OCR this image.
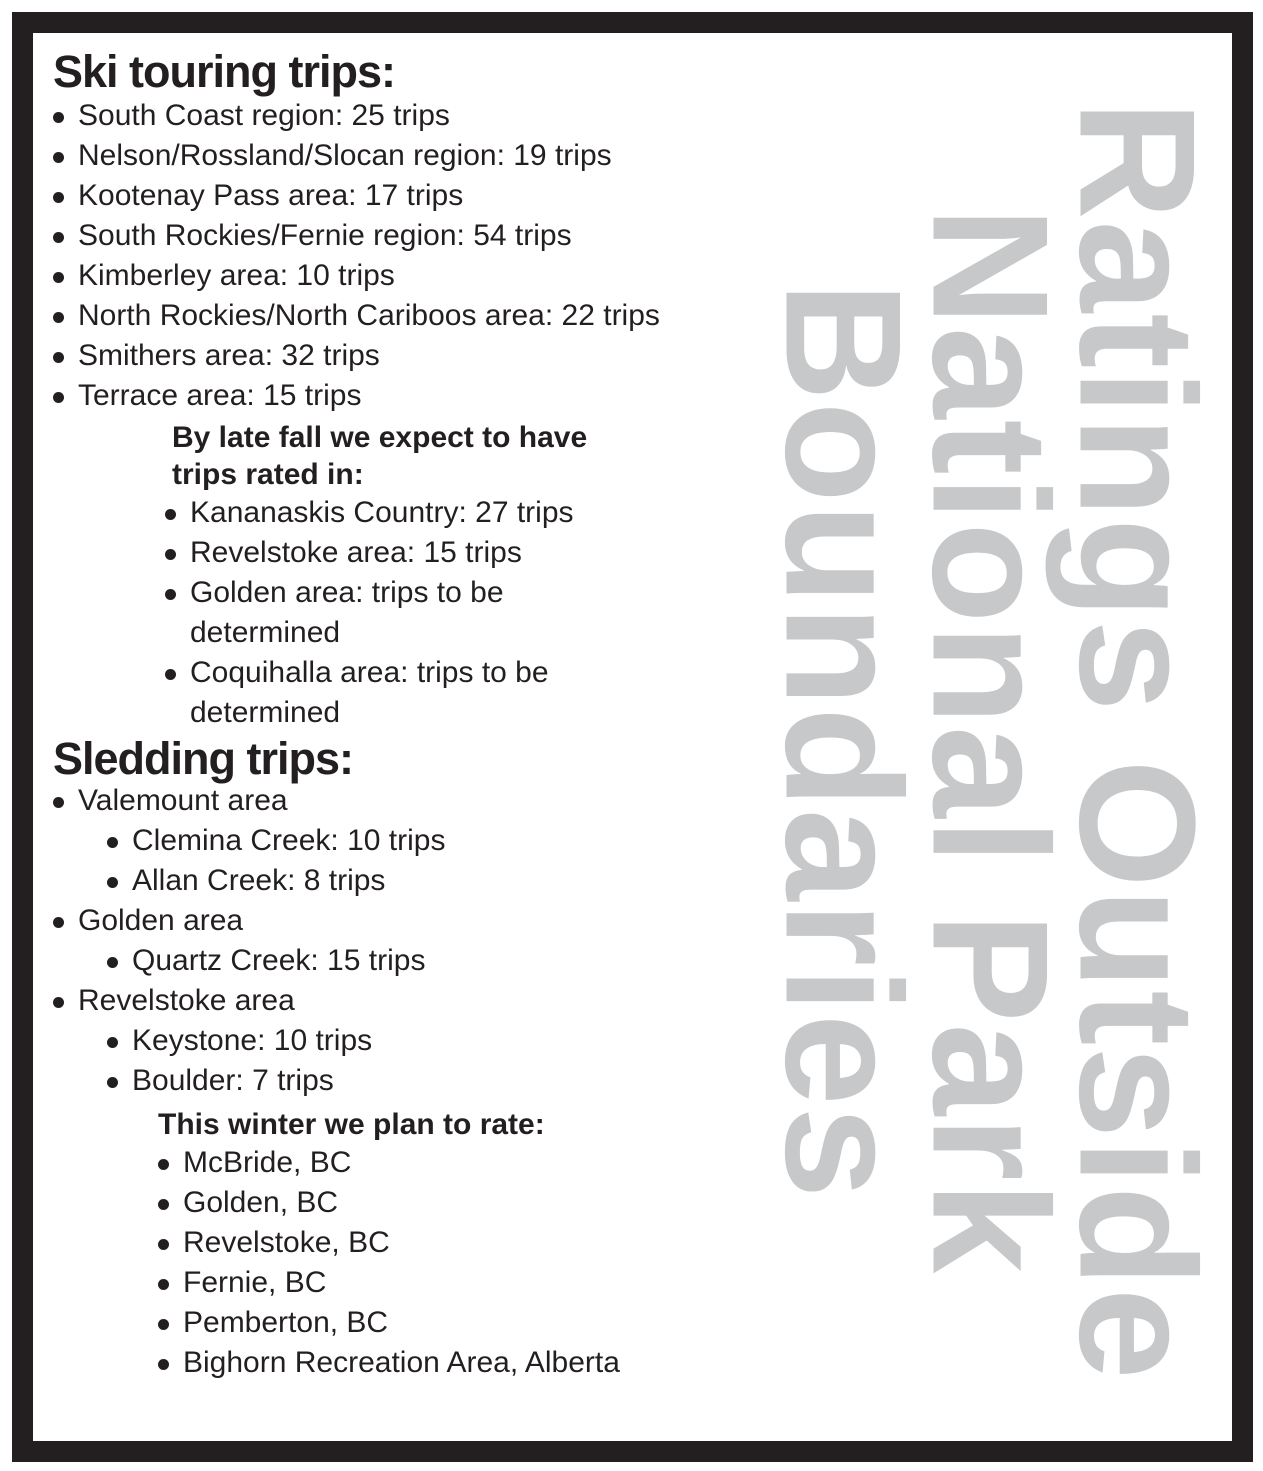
Ratings Outside
National Park
Boundaries
Ski touring trips:
South Coast region: 25 trips
Nelson/Rossland/Slocan region: 19 trips
Kootenay Pass area: 17 trips
South Rockies/Fernie region: 54 trips
Kimberley area: 10 trips
North Rockies/North Cariboos area: 22 trips
Smithers area: 32 trips
Terrace area: 15 trips
By late fall we expect to have
trips rated in:
Kananaskis Country: 27 trips
Revelstoke area: 15 trips
Golden area: trips to be determined
Coquihalla area: trips to be determined
Sledding trips:
Valemount area
Clemina Creek: 10 trips
Allan Creek: 8 trips
Golden area
Quartz Creek: 15 trips
Revelstoke area
Keystone: 10 trips
Boulder: 7 trips
This winter we plan to rate:
McBride, BC
Golden, BC
Revelstoke, BC
Fernie, BC
Pemberton, BC
Bighorn Recreation Area, Alberta
